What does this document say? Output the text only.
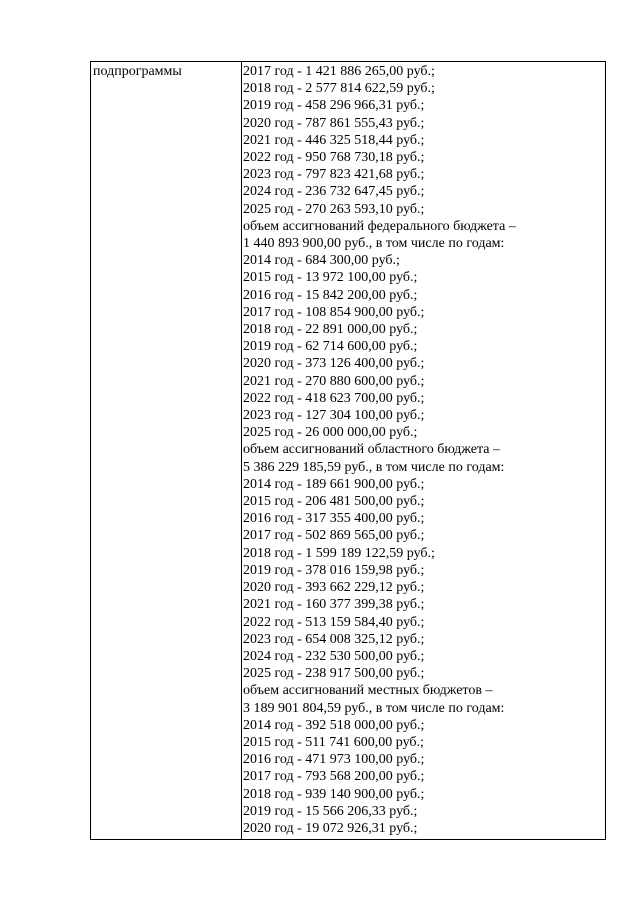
подпрограммы	2017 год - 1 421 886 265,00 руб.;
2018 год - 2 577 814 622,59 руб.;
2019 год - 458 296 966,31 руб.;
2020 год - 787 861 555,43 руб.;
2021 год - 446 325 518,44 руб.;
2022 год - 950 768 730,18 руб.;
2023 год - 797 823 421,68 руб.;
2024 год - 236 732 647,45 руб.;
2025 год - 270 263 593,10 руб.;
объем ассигнований федерального бюджета –
1 440 893 900,00 руб., в том числе по годам:
2014 год - 684 300,00 руб.;
2015 год - 13 972 100,00 руб.;
2016 год - 15 842 200,00 руб.;
2017 год - 108 854 900,00 руб.;
2018 год - 22 891 000,00 руб.;
2019 год - 62 714 600,00 руб.;
2020 год - 373 126 400,00 руб.;
2021 год - 270 880 600,00 руб.;
2022 год - 418 623 700,00 руб.;
2023 год - 127 304 100,00 руб.;
2025 год - 26 000 000,00 руб.;
объем ассигнований областного бюджета –
5 386 229 185,59 руб., в том числе по годам:
2014 год - 189 661 900,00 руб.;
2015 год - 206 481 500,00 руб.;
2016 год - 317 355 400,00 руб.;
2017 год - 502 869 565,00 руб.;
2018 год - 1 599 189 122,59 руб.;
2019 год - 378 016 159,98 руб.;
2020 год - 393 662 229,12 руб.;
2021 год - 160 377 399,38 руб.;
2022 год - 513 159 584,40 руб.;
2023 год - 654 008 325,12 руб.;
2024 год - 232 530 500,00 руб.;
2025 год - 238 917 500,00 руб.;
объем ассигнований местных бюджетов –
3 189 901 804,59 руб., в том числе по годам:
2014 год - 392 518 000,00 руб.;
2015 год - 511 741 600,00 руб.;
2016 год - 471 973 100,00 руб.;
2017 год - 793 568 200,00 руб.;
2018 год - 939 140 900,00 руб.;
2019 год - 15 566 206,33 руб.;
2020 год - 19 072 926,31 руб.;
